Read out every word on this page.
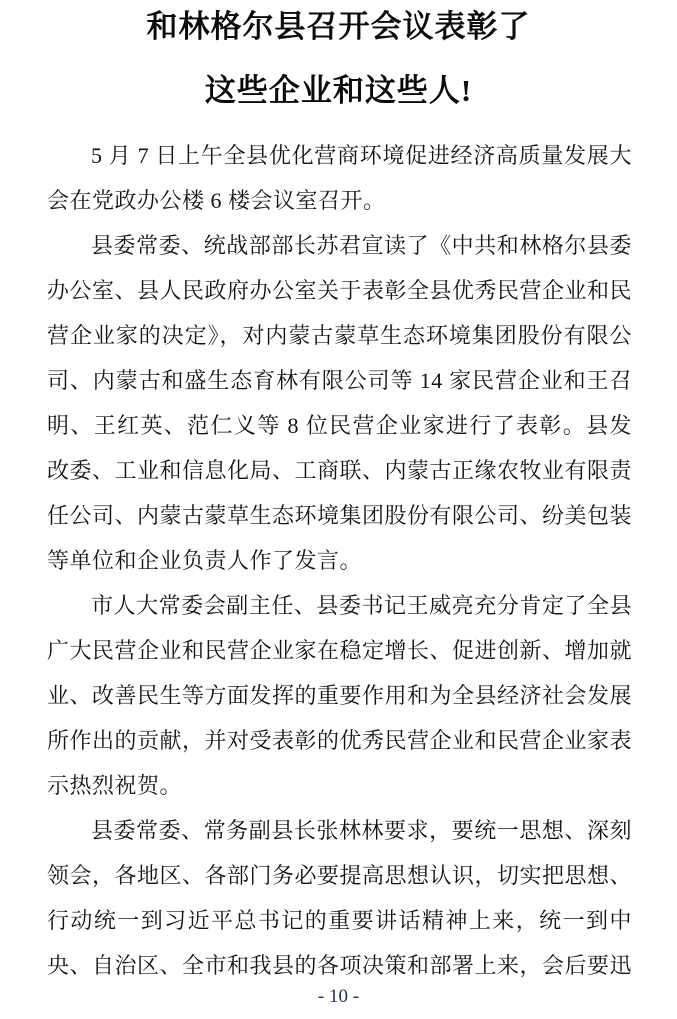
和林格尔县召开会议表彰了
这些企业和这些人!

5 月 7 日上午全县优化营商环境促进经济高质量发展大会在党政办公楼 6 楼会议室召开。

县委常委、统战部部长苏君宣读了《中共和林格尔县委办公室、县人民政府办公室关于表彰全县优秀民营企业和民营企业家的决定》，对内蒙古蒙草生态环境集团股份有限公司、内蒙古和盛生态育林有限公司等 14 家民营企业和王召明、王红英、范仁义等 8 位民营企业家进行了表彰。县发改委、工业和信息化局、工商联、内蒙古正缘农牧业有限责任公司、内蒙古蒙草生态环境集团股份有限公司、纷美包装等单位和企业负责人作了发言。

市人大常委会副主任、县委书记王威亮充分肯定了全县广大民营企业和民营企业家在稳定增长、促进创新、增加就业、改善民生等方面发挥的重要作用和为全县经济社会发展所作出的贡献，并对受表彰的优秀民营企业和民营企业家表示热烈祝贺。

县委常委、常务副县长张林林要求，要统一思想、深刻领会，各地区、各部门务必要提高思想认识，切实把思想、行动统一到习近平总书记的重要讲话精神上来，统一到中央、自治区、全市和我县的各项决策和部署上来，会后要迅

- 10 -
